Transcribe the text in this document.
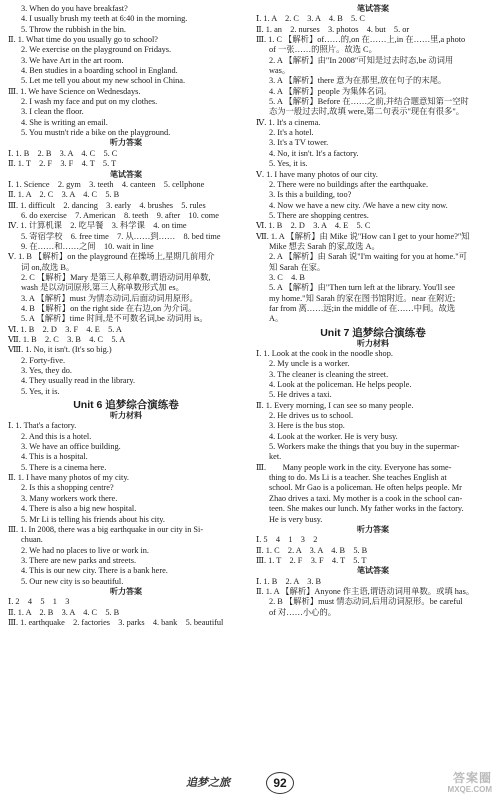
3. When do you have breakfast?
4. I usually brush my teeth at 6:40 in the morning.
5. Throw the rubbish in the bin.
Ⅱ. 1. What time do you usually go to school?
2. We exercise on the playground on Fridays.
3. We have Art in the art room.
4. Ben studies in a boarding school in England.
5. Let me tell you about my new school in China.
Ⅲ. 1. We have Science on Wednesdays.
2. I wash my face and put on my clothes.
3. I clean the floor.
4. She is writing an email.
5. You mustn't ride a bike on the playground.
听力答案
Ⅰ. 1. B　2. B　3. A　4. C　5. C
Ⅱ. 1. T　2. F　3. F　4. T　5. T
笔试答案
Ⅰ. 1. Science　2. gym　3. teeth　4. canteen　5. cellphone
Ⅱ. 1. A　2. C　3. A　4. C　5. B
Ⅲ. 1. difficult　2. dancing　3. early　4. brushes　5. rules
6. do exercise　7. American　8. teeth　9. after　10. come
Ⅳ. 1. 计算机课　2. 吃早餐　3. 科学课　4. on time
5. 寄宿学校　6. free time　7. 从……到……　8. bed time
9. 在……和……之间　10. wait in line
Ⅴ. 1. B 【解析】on the playground 在操场上,星期几前用介
词 on,故选 B。
2. C 【解析】Mary 是第三人称单数,谓语动词用单数,
wash 是以动词原形,第三人称单数形式加 es。
3. A 【解析】must 为情态动词,后面动词用原形。
4. B 【解析】on the right side 在右边,on 为介词。
5. A 【解析】time 时间,是不可数名词,be 动词用 is。
Ⅵ. 1. B　2. D　3. F　4. E　5. A
Ⅶ. 1. B　2. C　3. B　4. C　5. A
Ⅷ. 1. No, it isn't. (It's so big.)
2. Forty-five.
3. Yes, they do.
4. They usually read in the library.
5. Yes, it is.
Unit 6 追梦综合演练卷
听力材料
Ⅰ. 1. That's a factory.
2. And this is a hotel.
3. We have an office building.
4. This is a hospital.
5. There is a cinema here.
Ⅱ. 1. I have many photos of my city.
2. Is this a shopping centre?
3. Many workers work there.
4. There is also a big new hospital.
5. Mr Li is telling his friends about his city.
Ⅲ. 1. In 2008, there was a big earthquake in our city in Si-
chuan.
2. We had no places to live or work in.
3. There are new parks and streets.
4. This is our new city. There is a bank here.
5. Our new city is so beautiful.
听力答案
Ⅰ. 2　4　5　1　3
Ⅱ. 1. A　2. B　3. A　4. C　5. B
Ⅲ. 1. earthquake　2. factories　3. parks　4. bank　5. beautiful
笔试答案
Ⅰ. 1. A　2. C　3. A　4. B　5. C
Ⅱ. 1. an　2. nurses　3. photos　4. but　5. or
Ⅲ. 1. C 【解析】of……的,on 在……上,in 在……里,a photo
of 一张……的照片。故选 C。
2. A 【解析】由"In 2008"可知是过去时态,be 动词用
was。
3. A 【解析】there 意为在那里,放在句子的末尾。
4. A 【解析】people 为集体名词。
5. A 【解析】Before 在……之前,并结合题意知第一空时
态为一般过去时,故填 were,第二句表示"现在有很多"。
Ⅳ. 1. It's a cinema.
2. It's a hotel.
3. It's a TV tower.
4. No, it isn't. It's a factory.
5. Yes, it is.
Ⅴ. 1. I have many photos of our city.
2. There were no buildings after the earthquake.
3. Is this a building, too?
4. Now we have a new city. /We have a new city now.
5. There are shopping centres.
Ⅵ. 1. B　2. D　3. A　4. E　5. C
Ⅶ. 1. A 【解析】由 Mike 说"How can I get to your home?"知
Mike 想去 Sarah 的家,故选 A。
2. A 【解析】由 Sarah 说"I'm waiting for you at home."可
知 Sarah 在家。
3. C　4. B
5. A 【解析】由"Then turn left at the library. You'll see
my home."知 Sarah 的家在图书馆附近。near 在附近;
far from 离……远;in the middle of 在……中间。故选
A。
Unit 7 追梦综合演练卷
听力材料
Ⅰ. 1. Look at the cook in the noodle shop.
2. My uncle is a worker.
3. The cleaner is cleaning the street.
4. Look at the policeman. He helps people.
5. He drives a taxi.
Ⅱ. 1. Every morning, I can see so many people.
2. He drives us to school.
3. Here is the bus stop.
4. Look at the worker. He is very busy.
5. Workers make the things that you buy in the supermar-
ket.
Ⅲ.　　Many people work in the city. Everyone has some-
thing to do. Ms Li is a teacher. She teaches English at
school. Mr Gao is a policeman. He often helps people. Mr
Zhao drives a taxi. My mother is a cook in the school can-
teen. She makes our lunch. My father works in the factory.
He is very busy.
听力答案
Ⅰ. 5　4　1　3　2
Ⅱ. 1. C　2. A　3. A　4. B　5. B
Ⅲ. 1. T　2. F　3. F　4. T　5. T
笔试答案
Ⅰ. 1. B　2. A　3. B
Ⅱ. 1. A 【解析】Anyone 作主语,谓语动词用单数。或填 has。
2. B 【解析】must 情态动词,后用动词原形。be careful
of 对……小心的。
追梦之旅	92	答案圈
MXQE.COM
